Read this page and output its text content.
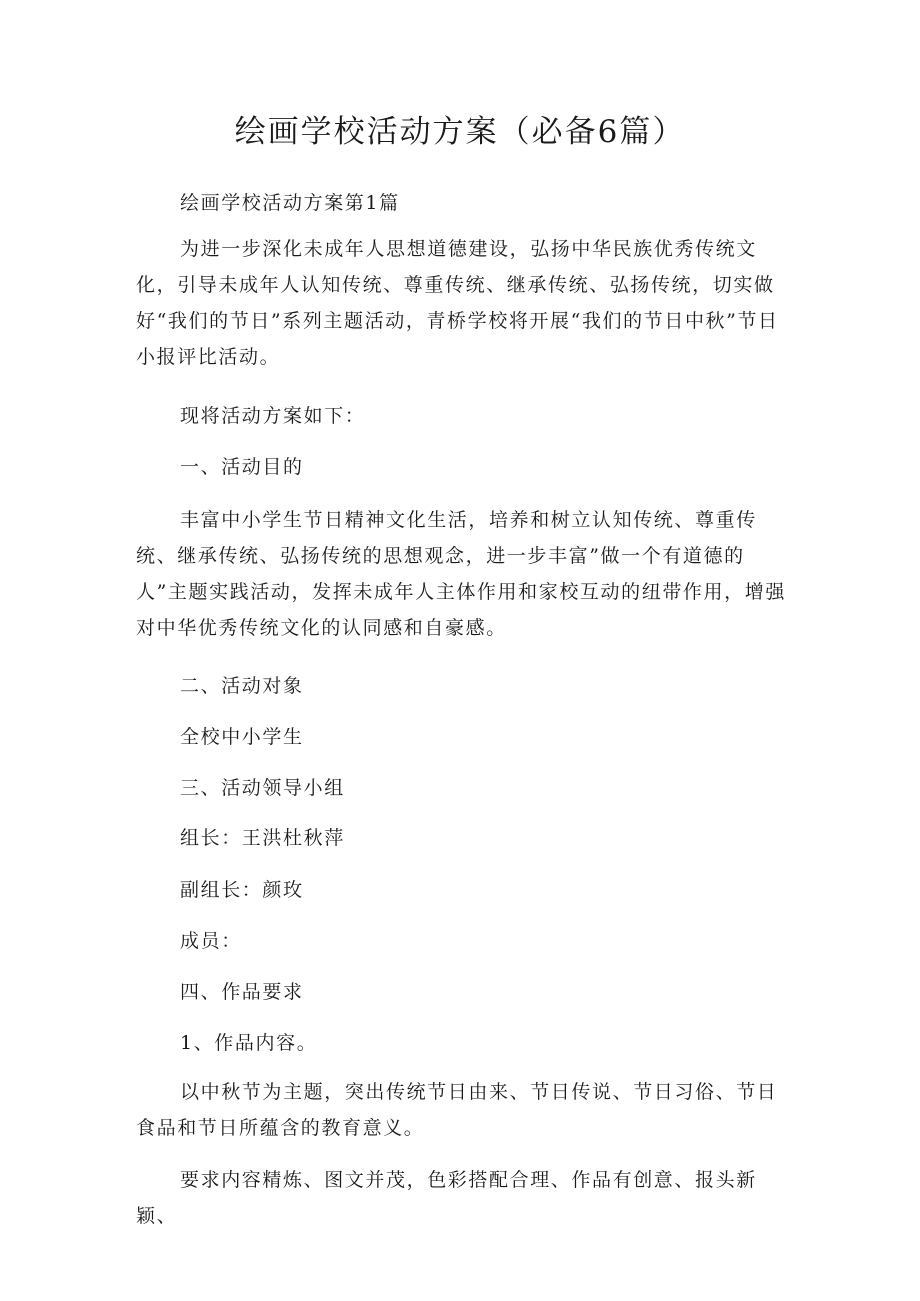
绘画学校活动方案（必备6篇）
绘画学校活动方案第1篇

为进一步深化未成年人思想道德建设，弘扬中华民族优秀传统文化，引导未成年人认知传统、尊重传统、继承传统、弘扬传统，切实做好“我们的节日”系列主题活动，青桥学校将开展“我们的节日中秋”节日小报评比活动。

现将活动方案如下：
一、活动目的

丰富中小学生节日精神文化生活，培养和树立认知传统、尊重传统、继承传统、弘扬传统的思想观念，进一步丰富”做一个有道德的人”主题实践活动，发挥未成年人主体作用和家校互动的纽带作用，增强对中华优秀传统文化的认同感和自豪感。

二、活动对象
全校中小学生
三、活动领导小组
组长：王洪杜秋萍
副组长：颜玫
成员：
四、作品要求
1、作品内容。

以中秋节为主题，突出传统节日由来、节日传说、节日习俗、节日食品和节日所蕴含的教育意义。

要求内容精炼、图文并茂，色彩搭配合理、作品有创意、报头新颖、
